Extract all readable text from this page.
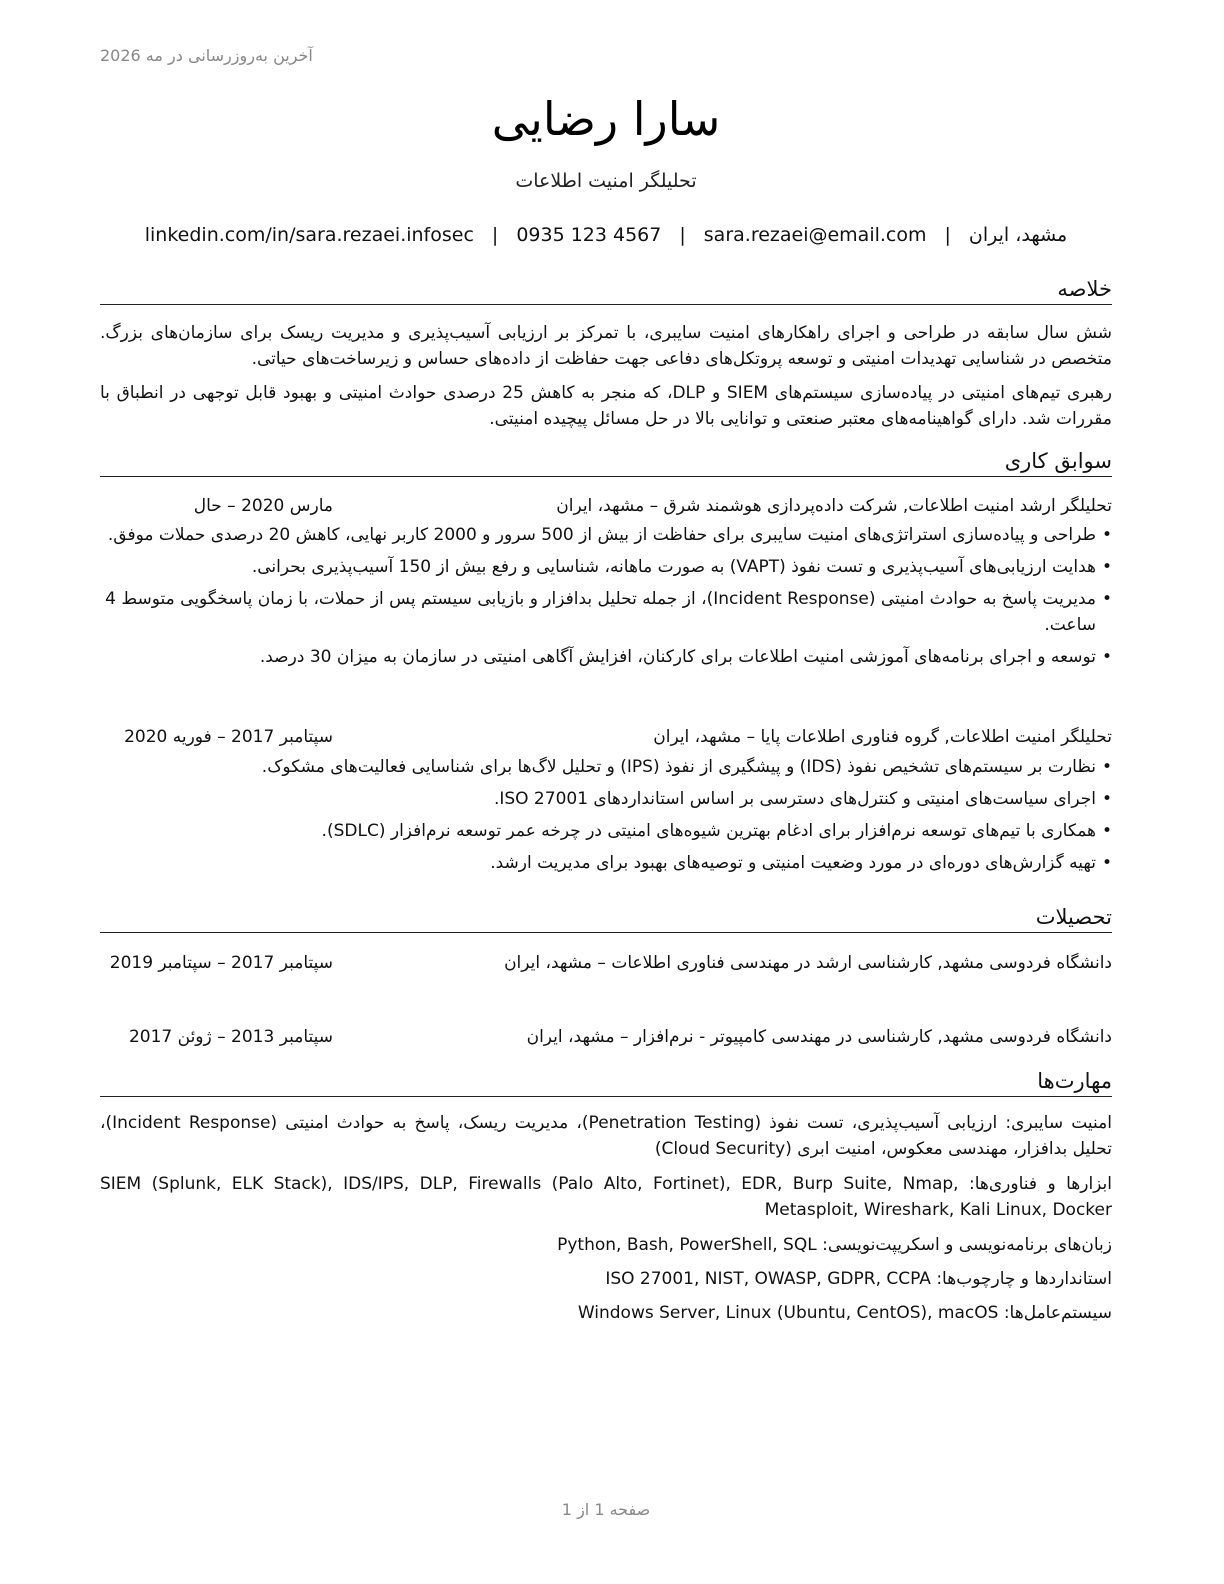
آخرین به‌روزرسانی در مه 2026
سارا رضایی
تحلیلگر امنیت اطلاعات
مشهد، ایران
|
sara.rezaei@email.com
|
0935 123 4567
|
linkedin.com/in/sara.rezaei.infosec
خلاصه
شش سال سابقه در طراحی و اجرای راهکارهای امنیت سایبری، با تمرکز بر ارزیابی آسیب‌پذیری و مدیریت ریسک برای سازمان‌های بزرگ. متخصص در شناسایی تهدیدات امنیتی و توسعه پروتکل‌های دفاعی جهت حفاظت از داده‌های حساس و زیرساخت‌های حیاتی.
رهبری تیم‌های امنیتی در پیاده‌سازی سیستم‌های SIEM و DLP، که منجر به کاهش 25 درصدی حوادث امنیتی و بهبود قابل توجهی در انطباق با مقررات شد. دارای گواهینامه‌های معتبر صنعتی و توانایی بالا در حل مسائل پیچیده امنیتی.
سوابق کاری
تحلیلگر ارشد امنیت اطلاعات, شرکت داده‌پردازی هوشمند شرق – مشهد، ایران
مارس 2020 – حال
• طراحی و پیاده‌سازی استراتژی‌های امنیت سایبری برای حفاظت از بیش از 500 سرور و 2000 کاربر نهایی، کاهش 20 درصدی حملات موفق.
• هدایت ارزیابی‌های آسیب‌پذیری و تست نفوذ (VAPT) به صورت ماهانه، شناسایی و رفع بیش از 150 آسیب‌پذیری بحرانی.
• مدیریت پاسخ به حوادث امنیتی (Incident Response)، از جمله تحلیل بدافزار و بازیابی سیستم پس از حملات، با زمان پاسخگویی متوسط 4 ساعت.
• توسعه و اجرای برنامه‌های آموزشی امنیت اطلاعات برای کارکنان، افزایش آگاهی امنیتی در سازمان به میزان 30 درصد.
تحلیلگر امنیت اطلاعات, گروه فناوری اطلاعات پایا – مشهد، ایران
سپتامبر 2017 – فوریه 2020
• نظارت بر سیستم‌های تشخیص نفوذ (IDS) و پیشگیری از نفوذ (IPS) و تحلیل لاگ‌ها برای شناسایی فعالیت‌های مشکوک.
• اجرای سیاست‌های امنیتی و کنترل‌های دسترسی بر اساس استانداردهای ISO 27001.
• همکاری با تیم‌های توسعه نرم‌افزار برای ادغام بهترین شیوه‌های امنیتی در چرخه عمر توسعه نرم‌افزار (SDLC).
• تهیه گزارش‌های دوره‌ای در مورد وضعیت امنیتی و توصیه‌های بهبود برای مدیریت ارشد.
تحصیلات
دانشگاه فردوسی مشهد, کارشناسی ارشد در مهندسی فناوری اطلاعات – مشهد، ایران
سپتامبر 2017 – سپتامبر 2019
دانشگاه فردوسی مشهد, کارشناسی در مهندسی کامپیوتر - نرم‌افزار – مشهد، ایران
سپتامبر 2013 – ژوئن 2017
مهارت‌ها
امنیت سایبری: ارزیابی آسیب‌پذیری، تست نفوذ (Penetration Testing)، مدیریت ریسک، پاسخ به حوادث امنیتی (Incident Response)، تحلیل بدافزار، مهندسی معکوس، امنیت ابری (Cloud Security)
ابزارها و فناوری‌ها: SIEM (Splunk, ELK Stack), IDS/IPS, DLP, Firewalls (Palo Alto, Fortinet), EDR, Burp Suite, Nmap, Metasploit, Wireshark, Kali Linux, Docker
زبان‌های برنامه‌نویسی و اسکریپت‌نویسی: Python, Bash, PowerShell, SQL
استانداردها و چارچوب‌ها: ISO 27001, NIST, OWASP, GDPR, CCPA
سیستم‌عامل‌ها: Windows Server, Linux (Ubuntu, CentOS), macOS
صفحه 1 از 1
